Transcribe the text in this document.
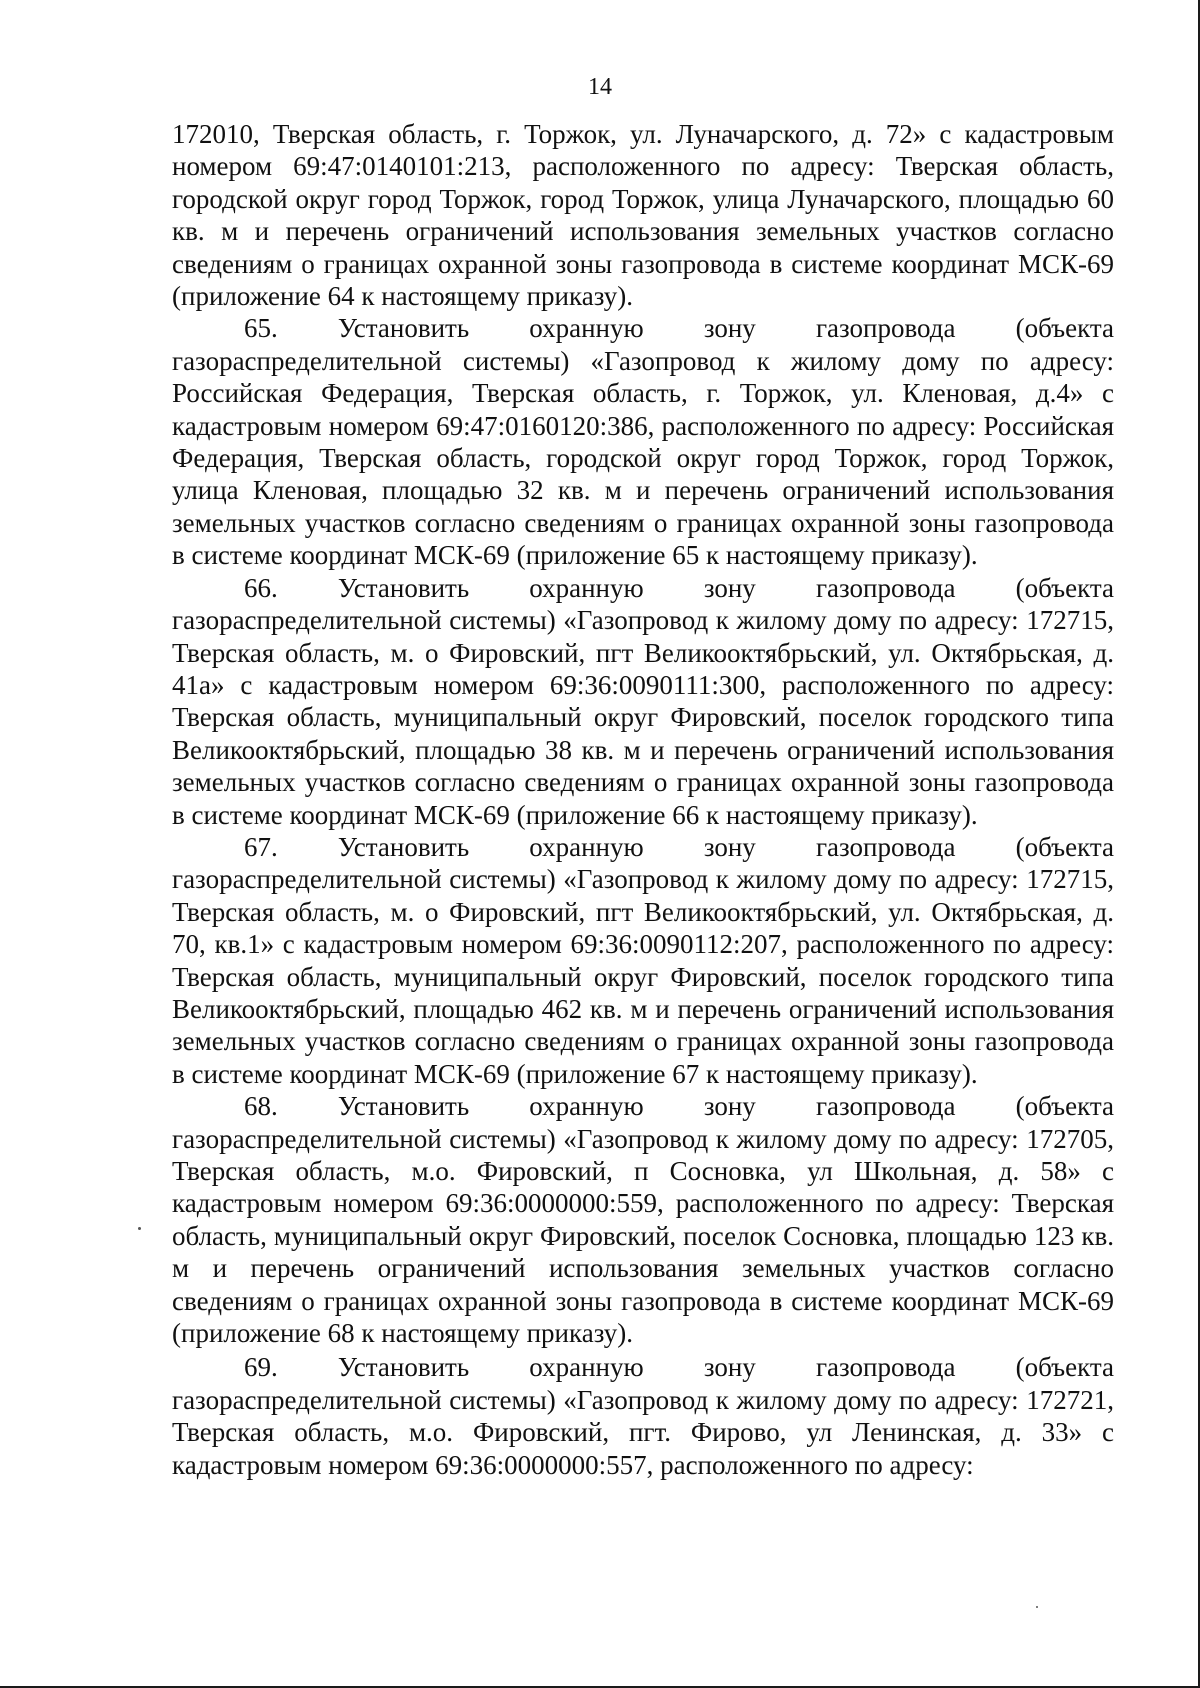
14

172010, Тверская область, г. Торжок, ул. Луначарского, д. 72» с кадастровым номером 69:47:0140101:213, расположенного по адресу: Тверская область, городской округ город Торжок, город Торжок, улица Луначарского, площадью 60 кв. м и перечень ограничений использования земельных участков согласно сведениям о границах охранной зоны газопровода в системе координат МСК-69 (приложение 64 к настоящему приказу).

65. Установить охранную зону газопровода (объекта газораспределительной системы) «Газопровод к жилому дому по адресу: Российская Федерация, Тверская область, г. Торжок, ул. Кленовая, д.4» с кадастровым номером 69:47:0160120:386, расположенного по адресу: Российская Федерация, Тверская область, городской округ город Торжок, город Торжок, улица Кленовая, площадью 32 кв. м и перечень ограничений использования земельных участков согласно сведениям о границах охранной зоны газопровода в системе координат МСК-69 (приложение 65 к настоящему приказу).

66. Установить охранную зону газопровода (объекта газораспределительной системы) «Газопровод к жилому дому по адресу: 172715, Тверская область, м. о Фировский, пгт Великооктябрьский, ул. Октябрьская, д. 41а» с кадастровым номером 69:36:0090111:300, расположенного по адресу: Тверская область, муниципальный округ Фировский, поселок городского типа Великооктябрьский, площадью 38 кв. м и перечень ограничений использования земельных участков согласно сведениям о границах охранной зоны газопровода в системе координат МСК-69 (приложение 66 к настоящему приказу).

67. Установить охранную зону газопровода (объекта газораспределительной системы) «Газопровод к жилому дому по адресу: 172715, Тверская область, м. о Фировский, пгт Великооктябрьский, ул. Октябрьская, д. 70, кв.1» с кадастровым номером 69:36:0090112:207, расположенного по адресу: Тверская область, муниципальный округ Фировский, поселок городского типа Великооктябрьский, площадью 462 кв. м и перечень ограничений использования земельных участков согласно сведениям о границах охранной зоны газопровода в системе координат МСК-69 (приложение 67 к настоящему приказу).

68. Установить охранную зону газопровода (объекта газораспределительной системы) «Газопровод к жилому дому по адресу: 172705, Тверская область, м.о. Фировский, п Сосновка, ул Школьная, д. 58» с кадастровым номером 69:36:0000000:559, расположенного по адресу: Тверская область, муниципальный округ Фировский, поселок Сосновка, площадью 123 кв. м и перечень ограничений использования земельных участков согласно сведениям о границах охранной зоны газопровода в системе координат МСК-69 (приложение 68 к настоящему приказу).

69. Установить охранную зону газопровода (объекта газораспределительной системы) «Газопровод к жилому дому по адресу: 172721, Тверская область, м.о. Фировский, пгт. Фирово, ул Ленинская, д. 33» с кадастровым номером 69:36:0000000:557, расположенного по адресу:
